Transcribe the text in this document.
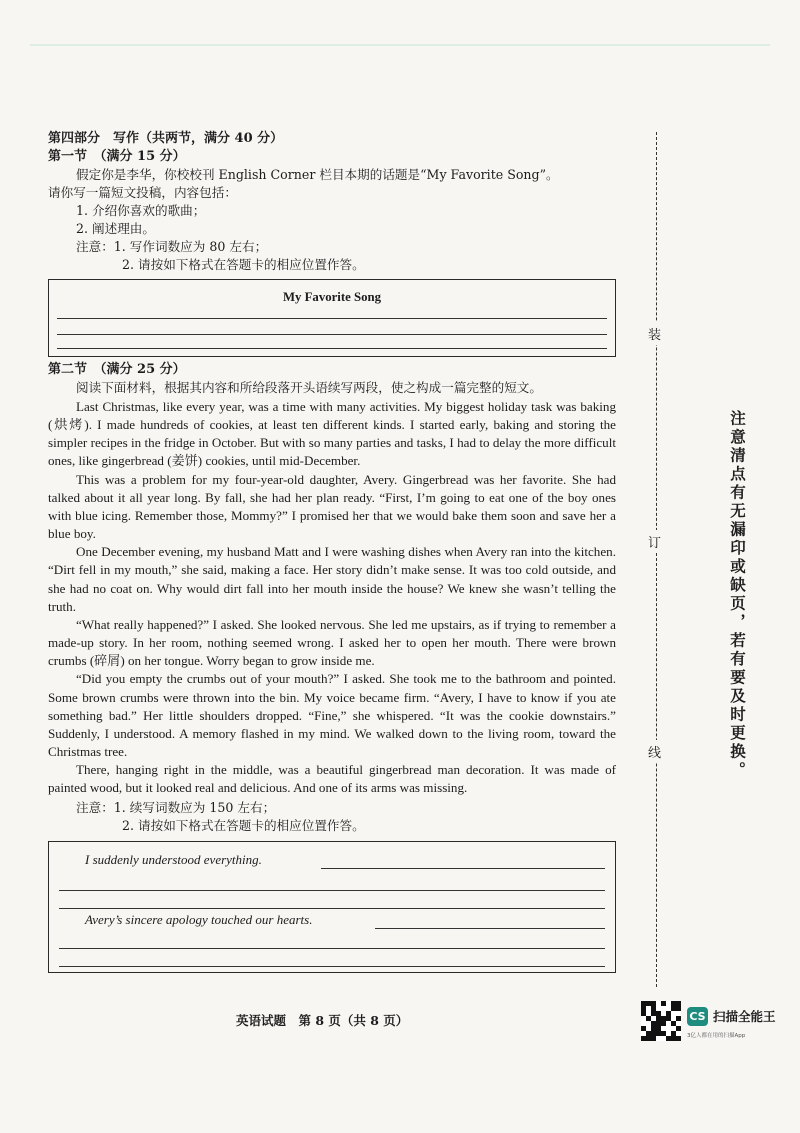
第四部分　写作（共两节，满分 40 分）

第一节　（满分 15 分）

假定你是李华，你校校刊 English Corner 栏目本期的话题是“My Favorite Song”。

请你写一篇短文投稿，内容包括：

1. 介绍你喜欢的歌曲；

2. 阐述理由。

注意：1. 写作词数应为 80 左右；

2. 请按如下格式在答题卡的相应位置作答。

My Favorite Song

第二节　（满分 25 分）

阅读下面材料，根据其内容和所给段落开头语续写两段，使之构成一篇完整的短文。

Last Christmas, like every year, was a time with many activities. My biggest holiday task was baking (烘烤). I made hundreds of cookies, at least ten different kinds. I started early, baking and storing the simpler recipes in the fridge in October. But with so many parties and tasks, I had to delay the more difficult ones, like gingerbread (姜饼) cookies, until mid-December.

This was a problem for my four-year-old daughter, Avery. Gingerbread was her favorite. She had talked about it all year long. By fall, she had her plan ready. “First, I’m going to eat one of the boy ones with blue icing. Remember those, Mommy?” I promised her that we would bake them soon and save her a blue boy.

One December evening, my husband Matt and I were washing dishes when Avery ran into the kitchen. “Dirt fell in my mouth,” she said, making a face. Her story didn’t make sense. It was too cold outside, and she had no coat on. Why would dirt fall into her mouth inside the house? We knew she wasn’t telling the truth.

“What really happened?” I asked. She looked nervous. She led me upstairs, as if trying to remember a made-up story. In her room, nothing seemed wrong. I asked her to open her mouth. There were brown crumbs (碎屑) on her tongue. Worry began to grow inside me.

“Did you empty the crumbs out of your mouth?” I asked. She took me to the bathroom and pointed. Some brown crumbs were thrown into the bin. My voice became firm. “Avery, I have to know if you ate something bad.” Her little shoulders dropped. “Fine,” she whispered. “It was the cookie downstairs.” Suddenly, I understood. A memory flashed in my mind. We walked down to the living room, toward the Christmas tree.

There, hanging right in the middle, was a beautiful gingerbread man decoration. It was made of painted wood, but it looked real and delicious. And one of its arms was missing.

注意：1. 续写词数应为 150 左右；

2. 请按如下格式在答题卡的相应位置作答。

I suddenly understood everything.
Avery’s sincere apology touched our hearts.
英语试题　第 8 页（共 8 页）
装
订
线	注意清点有无漏印或缺页，若有要及时更换。
CS 扫描全能王
3亿人都在用的扫描App
